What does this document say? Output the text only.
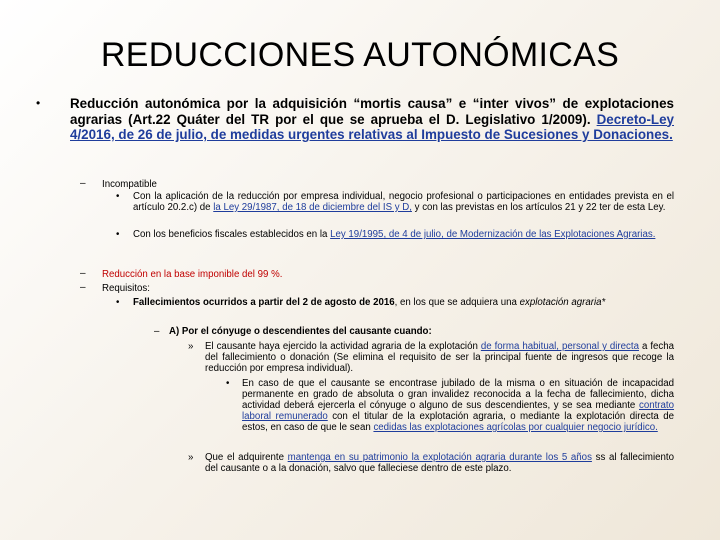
REDUCCIONES AUTONÓMICAS
• Reducción autonómica por la adquisición “mortis causa” e “inter vivos” de explotaciones agrarias (Art.22 Quáter del TR por el que se aprueba el D. Legislativo 1/2009). Decreto-Ley 4/2016, de 26 de julio, de medidas urgentes relativas al Impuesto de Sucesiones y Donaciones.
– Incompatible
• Con la aplicación de la reducción por empresa individual, negocio profesional o participaciones en entidades prevista en el artículo 20.2.c) de la Ley 29/1987, de 18 de diciembre del IS y D, y con las previstas en los artículos 21 y 22 ter de esta Ley.
• Con los beneficios fiscales establecidos en la Ley 19/1995, de 4 de julio, de Modernización de las Explotaciones Agrarias.
– Reducción en la base imponible del 99 %.
– Requisitos:
• Fallecimientos ocurridos a partir del 2 de agosto de 2016, en los que se adquiera una explotación agraria*
– A) Por el cónyuge o descendientes del causante cuando:
» El causante haya ejercido la actividad agraria de la explotación de forma habitual, personal y directa a fecha del fallecimiento o donación (Se elimina el requisito de ser la principal fuente de ingresos que recoge la reducción por empresa individual).
• En caso de que el causante se encontrase jubilado de la misma o en situación de incapacidad permanente en grado de absoluta o gran invalidez reconocida a la fecha de fallecimiento, dicha actividad deberá ejercerla el cónyuge o alguno de sus descendientes, y se sea mediante contrato laboral remunerado con el titular de la explotación agraria, o mediante la explotación directa de estos, en caso de que le sean cedidas las explotaciones agrícolas por cualquier negocio jurídico.
» Que el adquirente mantenga en su patrimonio la explotación agraria durante los 5 años ss al fallecimiento del causante o a la donación, salvo que falleciese dentro de este plazo.
